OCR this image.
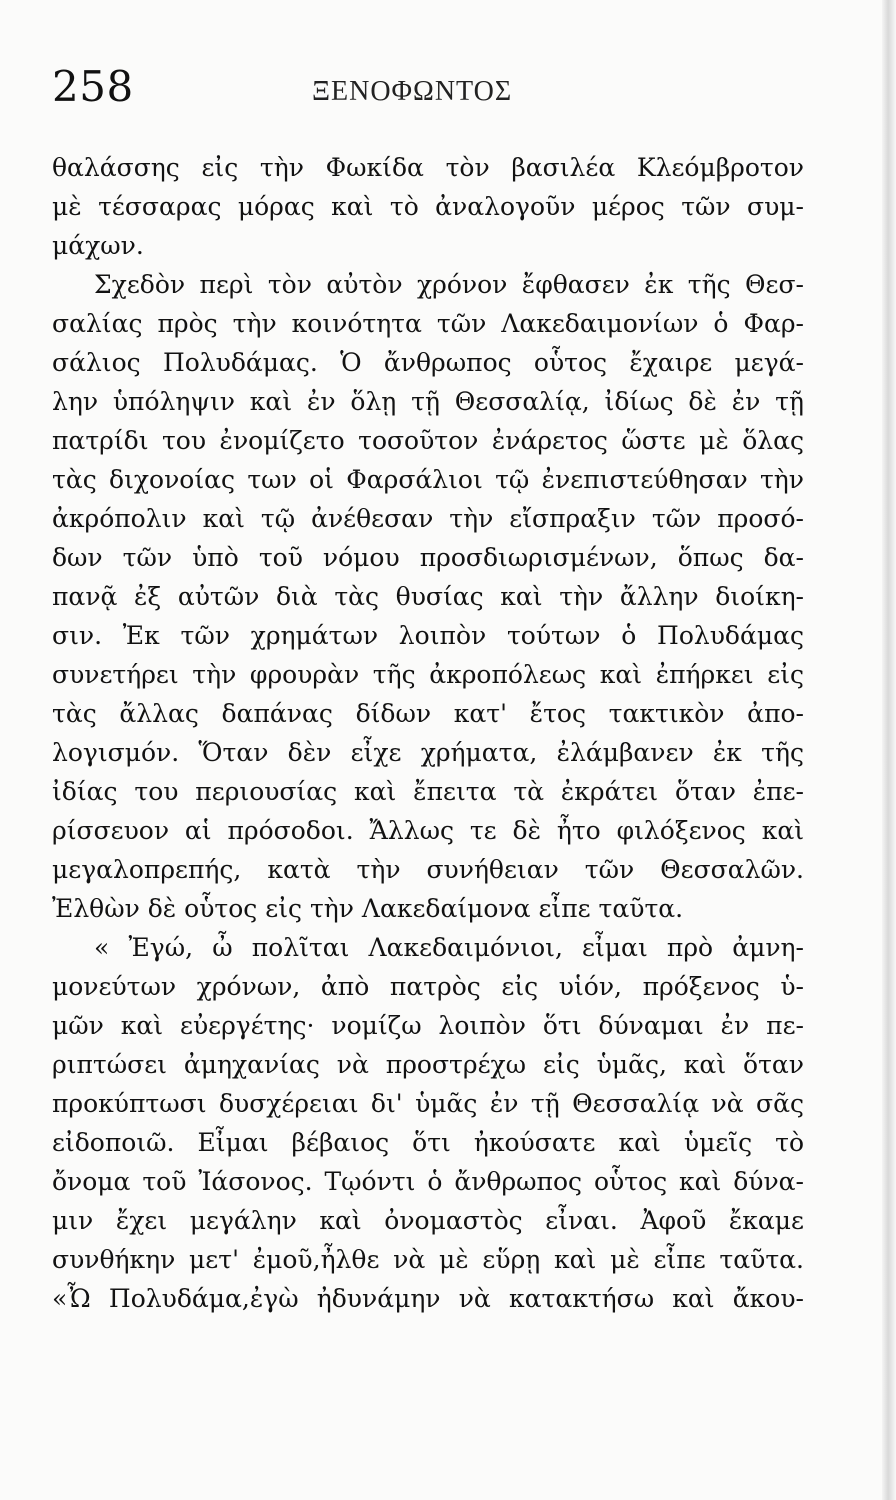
258	ΞΕΝΟΦΩΝΤΟΣ
θαλάσσης εἰς τὴν Φωκίδα τὸν βασιλέα Κλεόμβροτον
μὲ τέσσαρας μόρας καὶ τὸ ἀναλογοῦν μέρος τῶν συμ-
μάχων.
Σχεδὸν περὶ τὸν αὐτὸν χρόνον ἔφθασεν ἐκ τῆς Θεσ-
σαλίας πρὸς τὴν κοινότητα τῶν Λακεδαιμονίων ὁ Φαρ-
σάλιος Πολυδάμας. Ὁ ἄνθρωπος οὗτος ἔχαιρε μεγά-
λην ὑπόληψιν καὶ ἐν ὅλῃ τῇ Θεσσαλίᾳ, ἰδίως δὲ ἐν τῇ
πατρίδι του ἐνομίζετο τοσοῦτον ἐνάρετος ὥστε μὲ ὅλας
τὰς διχονοίας των οἱ Φαρσάλιοι τῷ ἐνεπιστεύθησαν τὴν
ἀκρόπολιν καὶ τῷ ἀνέθεσαν τὴν εἴσπραξιν τῶν προσό-
δων τῶν ὑπὸ τοῦ νόμου προσδιωρισμένων, ὅπως δα-
πανᾷ ἐξ αὐτῶν διὰ τὰς θυσίας καὶ τὴν ἄλλην διοίκη-
σιν. Ἐκ τῶν χρημάτων λοιπὸν τούτων ὁ Πολυδάμας
συνετήρει τὴν φρουρὰν τῆς ἀκροπόλεως καὶ ἐπήρκει εἰς
τὰς ἄλλας δαπάνας δίδων κατ' ἔτος τακτικὸν ἀπο-
λογισμόν. Ὅταν δὲν εἶχε χρήματα, ἐλάμβανεν ἐκ τῆς
ἰδίας του περιουσίας καὶ ἔπειτα τὰ ἐκράτει ὅταν ἐπε-
ρίσσευον αἱ πρόσοδοι. Ἄλλως τε δὲ ἦτο φιλόξενος καὶ
μεγαλοπρεπής, κατὰ τὴν συνήθειαν τῶν Θεσσαλῶν.
Ἐλθὼν δὲ οὗτος εἰς τὴν Λακεδαίμονα εἶπε ταῦτα.
« Ἐγώ, ὦ πολῖται Λακεδαιμόνιοι, εἶμαι πρὸ ἀμνη-
μονεύτων χρόνων, ἀπὸ πατρὸς εἰς υἱόν, πρόξενος ὑ-
μῶν καὶ εὐεργέτης· νομίζω λοιπὸν ὅτι δύναμαι ἐν πε-
ριπτώσει ἀμηχανίας νὰ προστρέχω εἰς ὑμᾶς, καὶ ὅταν
προκύπτωσι δυσχέρειαι δι' ὑμᾶς ἐν τῇ Θεσσαλίᾳ νὰ σᾶς
εἰδοποιῶ. Εἶμαι βέβαιος ὅτι ἠκούσατε καὶ ὑμεῖς τὸ
ὄνομα τοῦ Ἰάσονος. Τῳόντι ὁ ἄνθρωπος οὗτος καὶ δύνα-
μιν ἔχει μεγάλην καὶ ὀνομαστὸς εἶναι. Ἀφοῦ ἔκαμε
συνθήκην μετ' ἐμοῦ,ἦλθε νὰ μὲ εὕρῃ καὶ μὲ εἶπε ταῦτα.
«Ὦ Πολυδάμα,ἐγὼ ἠδυνάμην νὰ κατακτήσω καὶ ἄκου-
